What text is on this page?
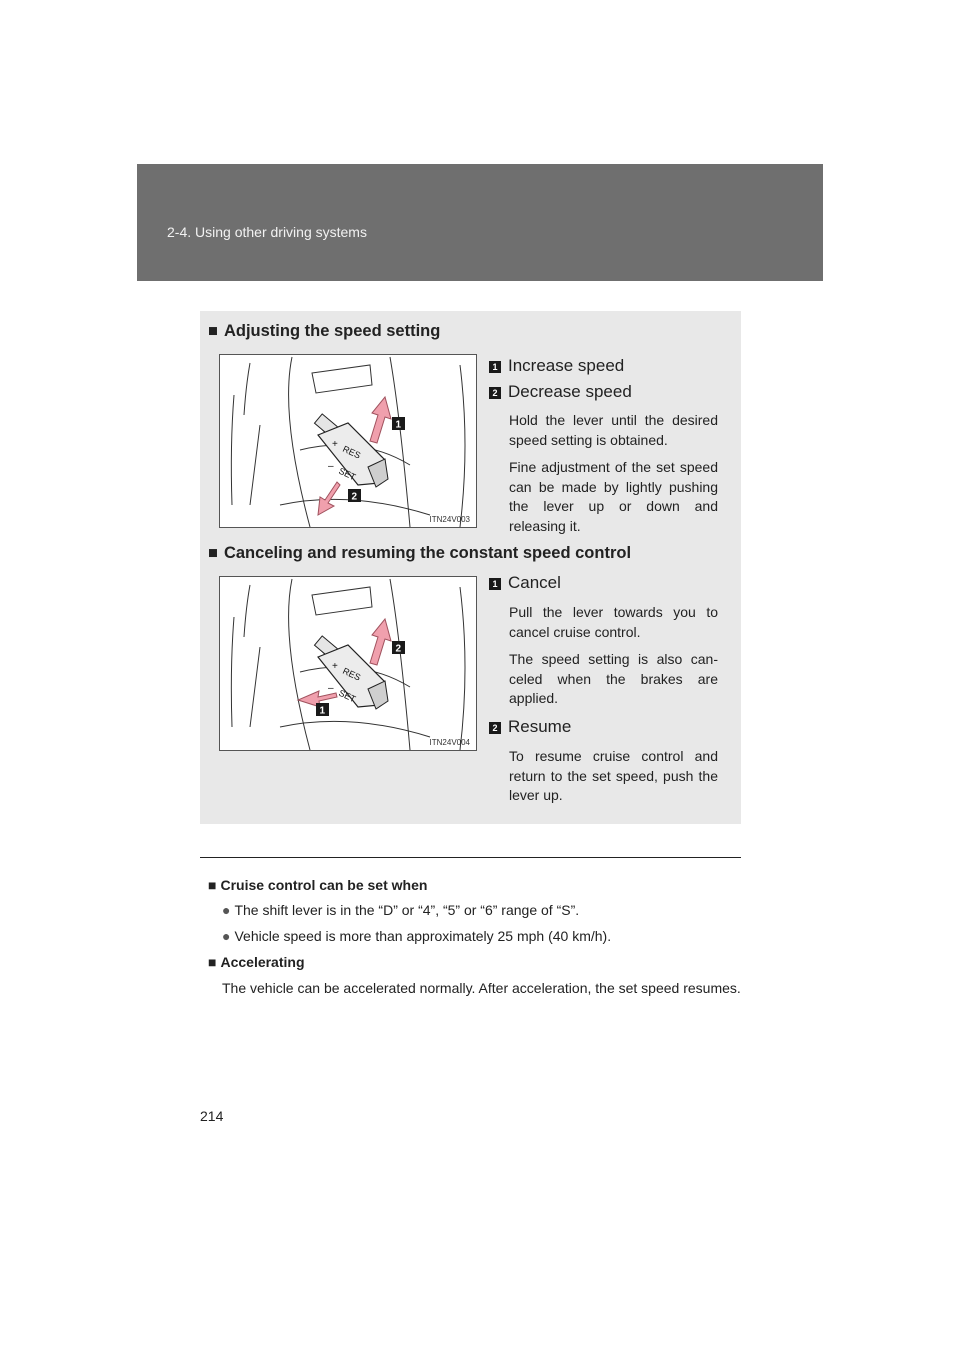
2-4. Using other driving systems
■ Adjusting the speed setting
RES
+
SET
–
1
2
ITN24V003
1 Increase speed
2 Decrease speed
Hold the lever until the desired speed setting is obtained.
Fine adjustment of the set speed can be made by lightly pushing the lever up or down and releasing it.
■ Canceling and resuming the constant speed control
RES
+
SET
–
2
1
ITN24V004
1 Cancel
Pull the lever towards you to cancel cruise control.
The speed setting is also can-celed when the brakes are applied.
2 Resume
To resume cruise control and return to the set speed, push the lever up.
■ Cruise control can be set when
● The shift lever is in the “D” or “4”, “5” or “6” range of “S”.
● Vehicle speed is more than approximately 25 mph (40 km/h).
■ Accelerating
The vehicle can be accelerated normally. After acceleration, the set speed resumes.
214
